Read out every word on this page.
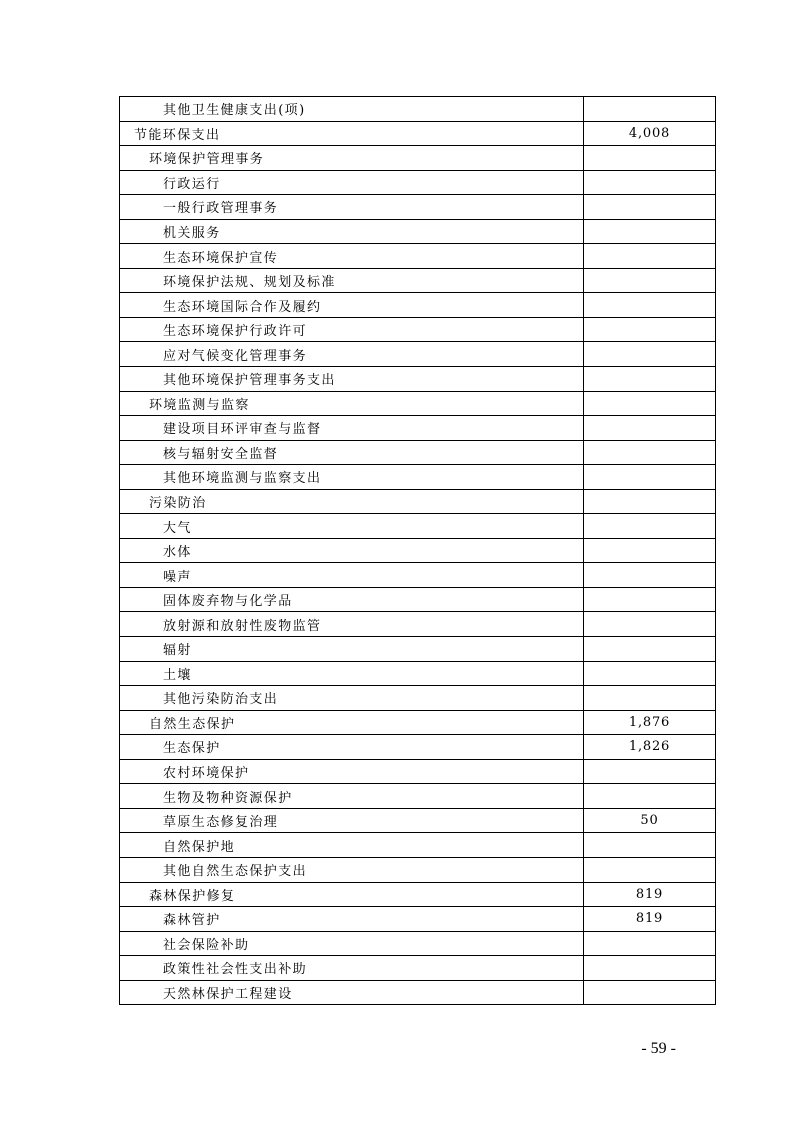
其他卫生健康支出(项)	
节能环保支出	4,008
环境保护管理事务	
行政运行	
一般行政管理事务	
机关服务	
生态环境保护宣传	
环境保护法规、规划及标准	
生态环境国际合作及履约	
生态环境保护行政许可	
应对气候变化管理事务	
其他环境保护管理事务支出	
环境监测与监察	
建设项目环评审查与监督	
核与辐射安全监督	
其他环境监测与监察支出	
污染防治	
大气	
水体	
噪声	
固体废弃物与化学品	
放射源和放射性废物监管	
辐射	
土壤	
其他污染防治支出	
自然生态保护	1,876
生态保护	1,826
农村环境保护	
生物及物种资源保护	
草原生态修复治理	50
自然保护地	
其他自然生态保护支出	
森林保护修复	819
森林管护	819
社会保险补助	
政策性社会性支出补助	
天然林保护工程建设	
- 59 -
